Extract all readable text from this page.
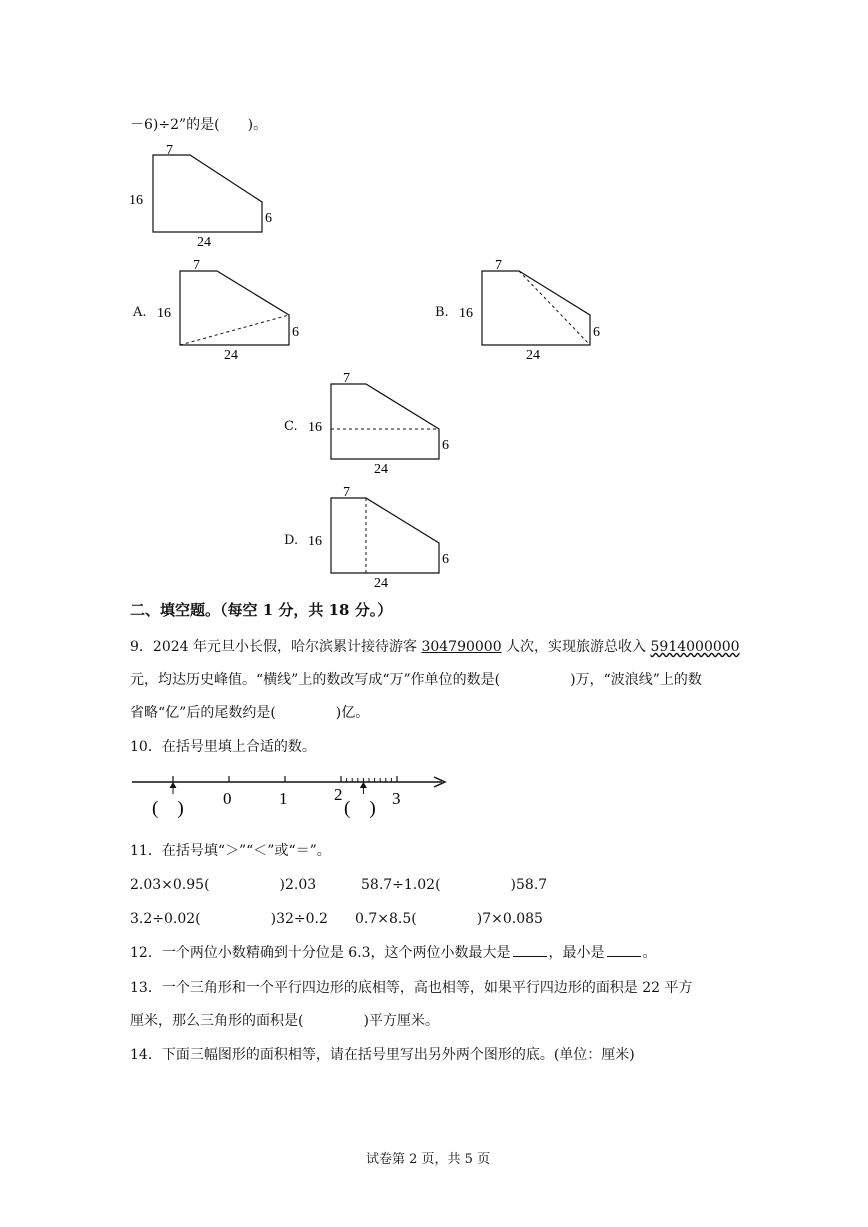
－6)÷2”的是(　　)。
7
16
6
24
A.
7
16
6
24
B.
7
16
6
24
C.
7
16
6
24
D.
7
16
6
24
二、填空题。（每空 1 分，共 18 分。）
9．2024 年元旦小长假，哈尔滨累计接待游客 304790000 人次，实现旅游总收入 5914000000
元，均达历史峰值。“横线”上的数改写成“万”作单位的数是(	)万，“波浪线”上的数
省略“亿”后的尾数约是(	)亿。
10．在括号里填上合适的数。
0	1	2	3
(　)	(　)
11．在括号填“＞”“＜”或“＝”。
2.03×0.95(	)2.03	58.7÷1.02(	)58.7
3.2÷0.02(	)32÷0.2 0.7×8.5(	)7×0.085
12．一个两位小数精确到十分位是 6.3，这个两位小数最大是	，最小是	。
13．一个三角形和一个平行四边形的底相等，高也相等，如果平行四边形的面积是 22 平方
厘米，那么三角形的面积是(	)平方厘米。
14．下面三幅图形的面积相等，请在括号里写出另外两个图形的底。(单位：厘米)
试卷第 2 页，共 5 页
